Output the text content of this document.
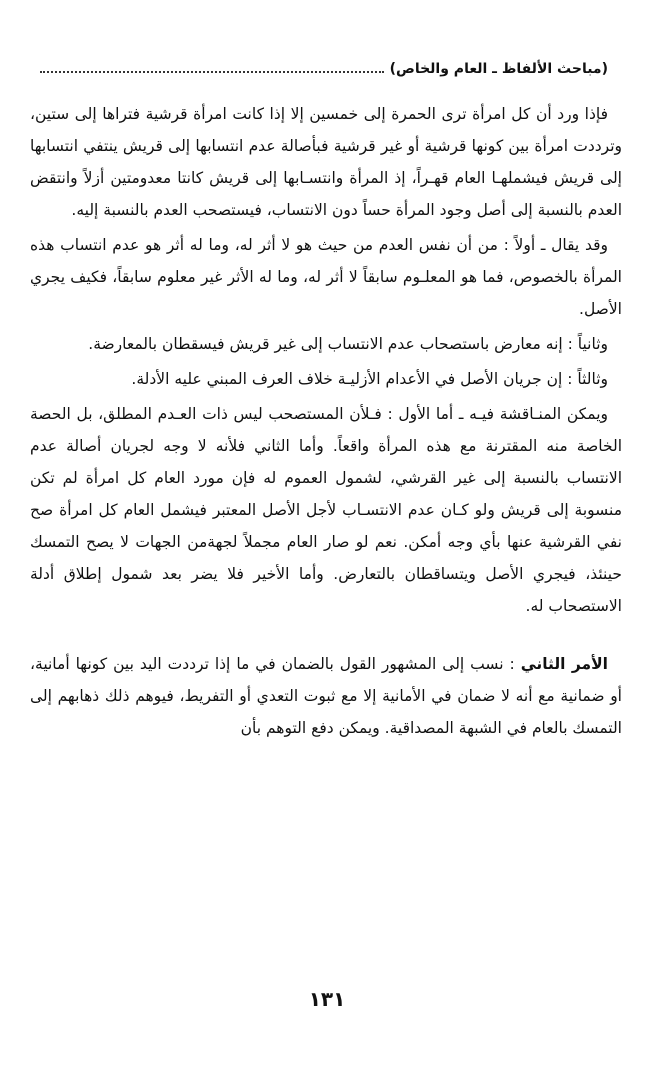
(مباحث الألفاظ ـ العام والخاص)

فإذا ورد أن كل امرأة ترى الحمرة إلى خمسين إلا إذا كانت امرأة قرشية فتراها إلى ستين، وترددت امرأة بين كونها قرشية أو غير قرشية فبأصالة عدم انتسابها إلى قريش ينتفي انتسابها إلى قريش فيشملهـا العام قهـراً، إذ المرأة وانتسـابها إلى قريش كانتا معدومتين أزلاً وانتقض العدم بالنسبة إلى أصل وجود المرأة حساً دون الانتساب، فيستصحب العدم بالنسبة إليه.

وقد يقال ـ أولاً : من أن نفس العدم من حيث هو لا أثر له، وما له أثر هو عدم انتساب هذه المرأة بالخصوص، فما هو المعلـوم سابقاً لا أثر له، وما له الأثر غير معلوم سابقاً، فكيف يجري الأصل.

وثانياً : إنه معارض باستصحاب عدم الانتساب إلى غير قريش فيسقطان بالمعارضة.

وثالثاً : إن جريان الأصل في الأعدام الأزليـة خلاف العرف المبني عليه الأدلة.

ويمكن المنـاقشة فيـه ـ أما الأول : فـلأن المستصحب ليس ذات العـدم المطلق، بل الحصة الخاصة منه المقترنة مع هذه المرأة واقعاً. وأما الثاني فلأنه لا وجه لجريان أصالة عدم الانتساب بالنسبة إلى غير القرشي، لشمول العموم له فإن مورد العام كل امرأة لم تكن منسوبة إلى قريش ولو كـان عدم الانتسـاب لأجل الأصل المعتبر فيشمل العام كل امرأة صح نفي القرشية عنها بأي وجه أمكن. نعم لو صار العام مجملاً لجهةمن الجهات لا يصح التمسك حينئذ، فيجري الأصل ويتساقطان بالتعارض. وأما الأخير فلا يضر بعد شمول إطلاق أدلة الاستصحاب له.

الأمر الثاني : نسب إلى المشهور القول بالضمان في ما إذا ترددت اليد بين كونها أمانية، أو ضمانية مع أنه لا ضمان في الأمانية إلا مع ثبوت التعدي أو التفريط، فيوهم ذلك ذهابهم إلى التمسك بالعام في الشبهة المصداقية. ويمكن دفع التوهم بأن

١٣١
